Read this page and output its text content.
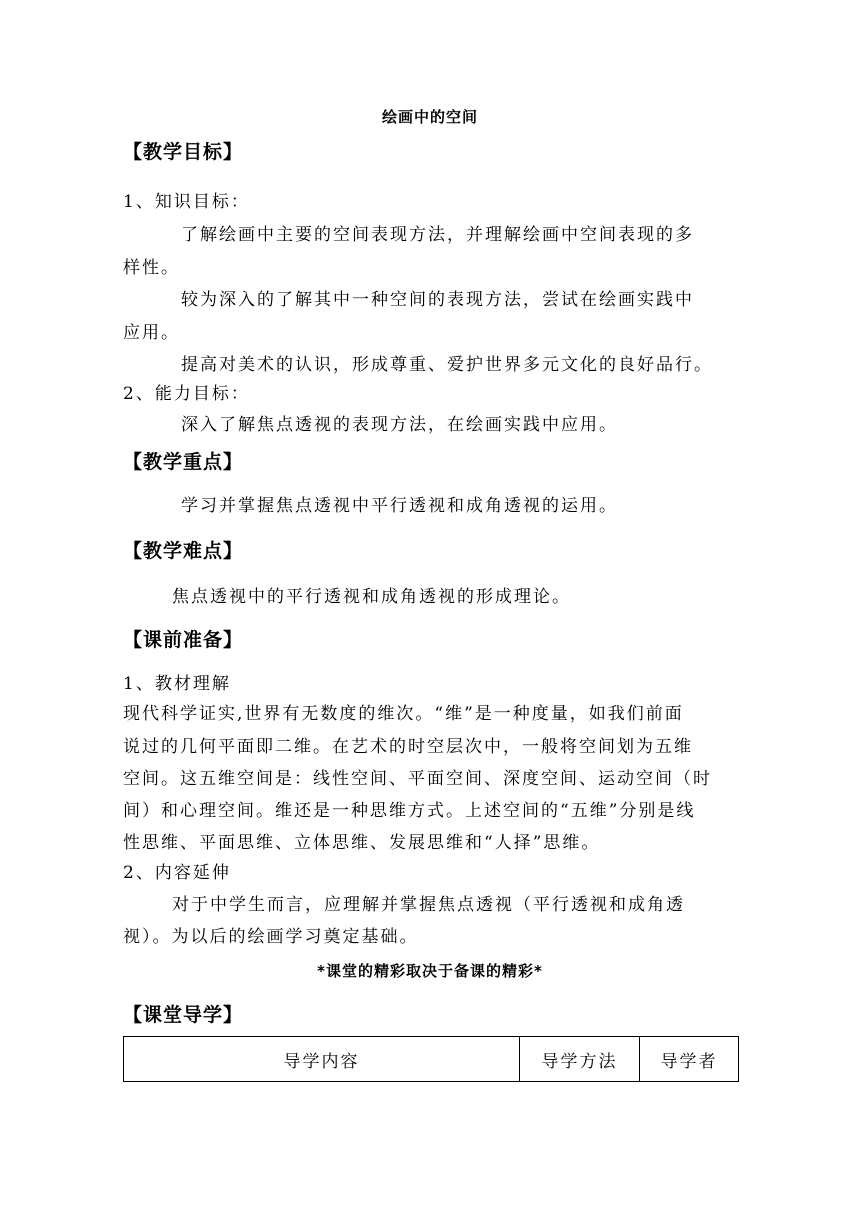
绘画中的空间
【教学目标】
1、知识目标：
了解绘画中主要的空间表现方法，并理解绘画中空间表现的多
样性。
较为深入的了解其中一种空间的表现方法，尝试在绘画实践中
应用。
提高对美术的认识，形成尊重、爱护世界多元文化的良好品行。
2、能力目标：
深入了解焦点透视的表现方法，在绘画实践中应用。
【教学重点】
学习并掌握焦点透视中平行透视和成角透视的运用。
【教学难点】
焦点透视中的平行透视和成角透视的形成理论。
【课前准备】
1、教材理解
现代科学证实,世界有无数度的维次。“维”是一种度量，如我们前面
说过的几何平面即二维。在艺术的时空层次中，一般将空间划为五维
空间。这五维空间是：线性空间、平面空间、深度空间、运动空间（时
间）和心理空间。维还是一种思维方式。上述空间的“五维”分别是线
性思维、平面思维、立体思维、发展思维和“人择”思维。
2、内容延伸
对于中学生而言，应理解并掌握焦点透视（平行透视和成角透
视）。为以后的绘画学习奠定基础。
*课堂的精彩取决于备课的精彩*
【课堂导学】
导学内容	导学方法	导学者
